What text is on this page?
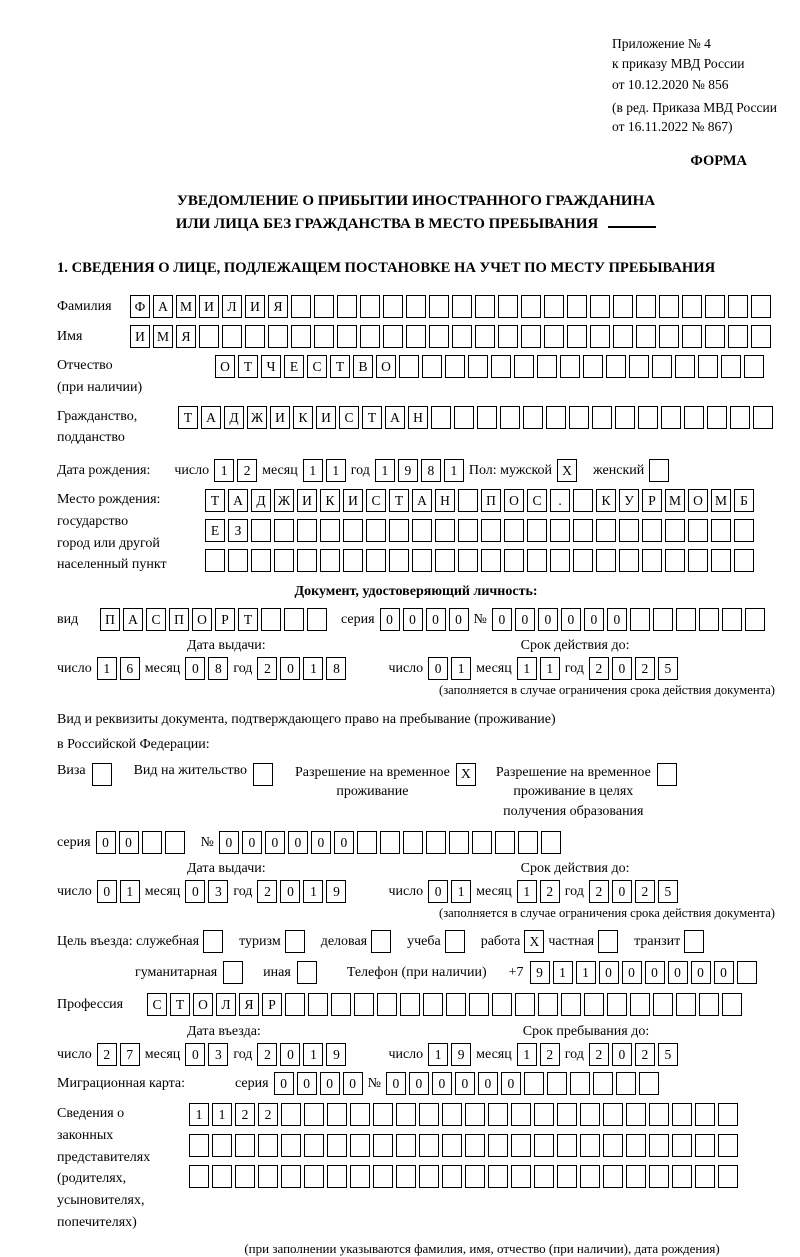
Приложение № 4
к приказу МВД России
от 10.12.2020 № 856
(в ред. Приказа МВД России
от 16.11.2022 № 867)
ФОРМА
УВЕДОМЛЕНИЕ О ПРИБЫТИИ ИНОСТРАННОГО ГРАЖДАНИНА
ИЛИ ЛИЦА БЕЗ ГРАЖДАНСТВА В МЕСТО ПРЕБЫВАНИЯ
1. СВЕДЕНИЯ О ЛИЦЕ, ПОДЛЕЖАЩЕМ ПОСТАНОВКЕ НА УЧЕТ ПО МЕСТУ ПРЕБЫВАНИЯ
Фамилия	Ф А М И	Л	И	Я
Имя	И М Я
Отчество
(при наличии)
О	Т	Ч	Е	С	Т	В	О
Гражданство,
подданство
Т	А	Д Ж И	К	И	С	Т	А Н
Дата рождения: число 1	2 месяц 1	1 год 1	9	8	1 Пол: мужской X	женский
Место рождения:
государство
город или другой
населенный пункт
Т	А	Д Ж И	К	И	С	Т	А Н	П О	С	.	К	У	Р М О М Б

Е	З

Документ, удостоверяющий личность:
вид	П А	С	П О	Р	Т	серия 0	0	0	0 № 0	0	0	0	0	0
Дата выдачи:	Срок действия до:
число 1	6 месяц 0	8 год 2	0	1	8	число 0	1 месяц 1	1 год 2	0	2	5
(заполняется в случае ограничения срока действия документа)
Вид и реквизиты документа, подтверждающего право на пребывание (проживание)
в Российской Федерации:
Виза	Вид на жительство	Разрешение на временное
проживание
X	Разрешение на временное
проживание в целях
получения образования
серия 0	0	№ 0	0	0	0	0	0
Дата выдачи:	Срок действия до:
число 0	1 месяц 0	3 год 2	0	1	9	число 0	1 месяц 1	2 год 2	0	2	5
(заполняется в случае ограничения срока действия документа)
Цель въезда: служебная	туризм	деловая	учеба	работа X частная	транзит
гуманитарная	иная	Телефон (при наличии) +7 9	1	1	0	0	0	0	0	0
Профессия	С	Т	О	Л	Я	Р
Дата въезда:	Срок пребывания до:
число 2	7 месяц 0	3 год 2	0	1	9	число 1	9 месяц 1	2 год 2	0	2	5
Миграционная карта:	серия 0	0	0	0 № 0	0	0	0	0	0
Сведения о
законных
представителях
(родителях,
усыновителях,
попечителях)
1	1	2	2

(при заполнении указываются фамилия, имя, отчество (при наличии), дата рождения)
